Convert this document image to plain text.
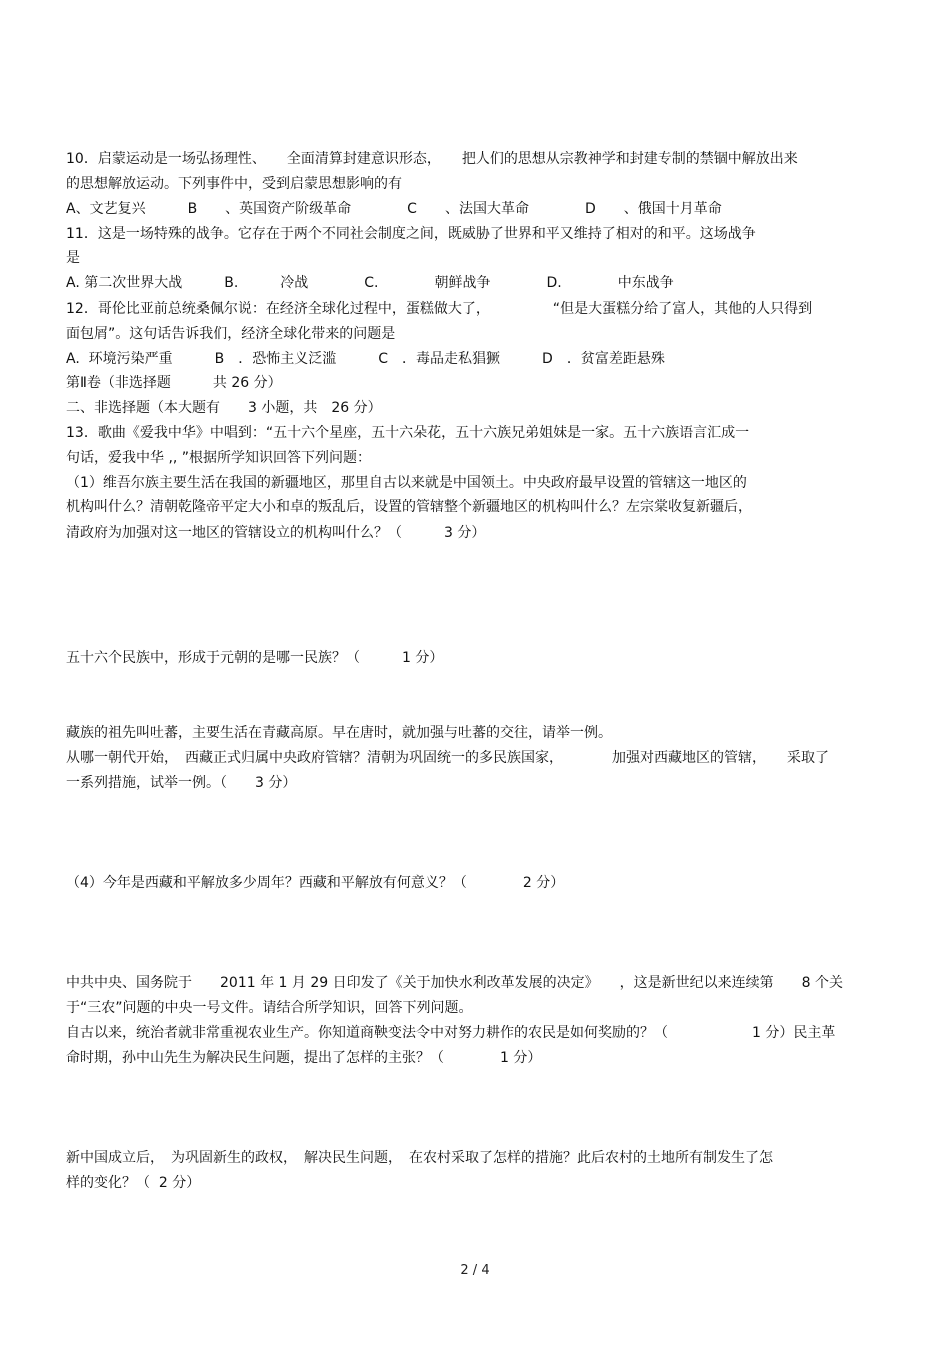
10．启蒙运动是一场弘扬理性、　　全面清算封建意识形态，　　把人们的思想从宗教神学和封建专制的禁锢中解放出来
的思想解放运动。下列事件中，受到启蒙思想影响的有
A、文艺复兴　　　B　　、英国资产阶级革命　　　　C　　、法国大革命　　　　D　　、俄国十月革命
11．这是一场特殊的战争。它存在于两个不同社会制度之间，既威胁了世界和平又维持了相对的和平。这场战争
是
A. 第二次世界大战　　　B.　　　冷战　　　　C.　　　　朝鲜战争　　　　D.　　　　中东战争
12．哥伦比亚前总统桑佩尔说：在经济全球化过程中，蛋糕做大了，　　　　　“但是大蛋糕分给了富人，其他的人只得到
面包屑”。这句话告诉我们，经济全球化带来的问题是
A.  环境污染严重　　　B　．恐怖主义泛滥　　　C　．毒品走私猖獗　　　D　．贫富差距悬殊
第Ⅱ卷（非选择题　　　共 26 分）
二、非选择题（本大题有　　3 小题，共　26 分）
13．歌曲《爱我中华》中唱到：“五十六个星座，五十六朵花，五十六族兄弟姐妹是一家。五十六族语言汇成一
句话，爱我中华 ,, ”根据所学知识回答下列问题：
（1）维吾尔族主要生活在我国的新疆地区，那里自古以来就是中国领土。中央政府最早设置的管辖这一地区的
机构叫什么？清朝乾隆帝平定大小和卓的叛乱后，设置的管辖整个新疆地区的机构叫什么？左宗棠收复新疆后，
清政府为加强对这一地区的管辖设立的机构叫什么？（　　　3 分）
五十六个民族中，形成于元朝的是哪一民族？（　　　1 分）
藏族的祖先叫吐蕃，主要生活在青藏高原。早在唐时，就加强与吐蕃的交往，请举一例。
从哪一朝代开始，　西藏正式归属中央政府管辖？清朝为巩固统一的多民族国家，　　　　加强对西藏地区的管辖，　　采取了
一系列措施，试举一例。（　　3 分）
（4）今年是西藏和平解放多少周年？西藏和平解放有何意义？（　　　　2 分）
中共中央、国务院于　　2011 年 1 月 29 日印发了《关于加快水利改革发展的决定》　　，这是新世纪以来连续第　　8 个关
于“三农”问题的中央一号文件。请结合所学知识，回答下列问题。
自古以来，统治者就非常重视农业生产。你知道商鞅变法令中对努力耕作的农民是如何奖励的？（　　　　　　1 分）民主革
命时期，孙中山先生为解决民生问题，提出了怎样的主张？（　　　　1 分）
新中国成立后，　为巩固新生的政权，　解决民生问题，　在农村采取了怎样的措施？此后农村的土地所有制发生了怎
样的变化？（  2 分）
2 / 4
